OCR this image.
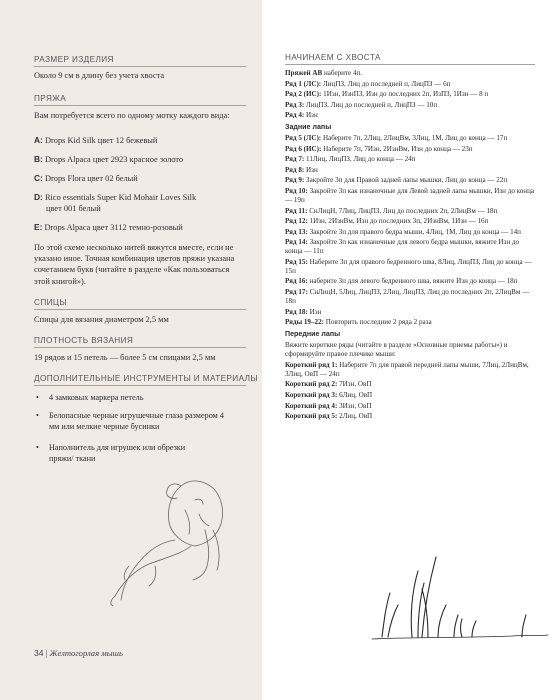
РАЗМЕР ИЗДЕЛИЯ
Около 9 см в длину без учета хвоста
ПРЯЖА
Вам потребуется всего по одному мотку каждого вида:
A: Drops Kid Silk цвет 12 бежевый
B: Drops Alpaca цвет 2923 красное золото
C: Drops Flora цвет 02 белый
D: Rico essentials Super Kid Mohair Loves Silk
цвет 001 белый
E: Drops Alpaca цвет 3112 темно-розовый
По этой схеме несколько нитей вяжутся вместе, если не указано иное. Точная комбинация цветов пряжи указана сочетанием букв (читайте в разделе «Как пользоваться этой книгой»).
СПИЦЫ
Спицы для вязания диаметром 2,5 мм
ПЛОТНОСТЬ ВЯЗАНИЯ
19 рядов и 15 петель — более 5 см спицами 2,5 мм
ДОПОЛНИТЕЛЬНЫЕ ИНСТРУМЕНТЫ И МАТЕРИАЛЫ
•	4 замковых маркера петель
•	Белопасные черные игрушечные глаза размером 4 мм или мелкие черные бусинки
•	Наполнитель для игрушек или обрезки пряжи/ ткани
НАЧИНАЕМ С ХВОСТА

Пряжей АВ наберите 4п.

Ряд 1 (ЛС): ЛицПЗ, Лиц до последней п, ЛицПЗ — 6п

Ряд 2 (ИС): 1Изн, ИзнПЗ, Изн до последних 2п, ИзПЗ, 1Изн — 8 п

Ряд 3: ЛицПЗ, Лиц до последней п, ЛицПЗ — 10п

Ряд 4: Изн

Задние лапы

Ряд 5 (ЛС): Наберите 7п, 2Лиц, 2ЛицВм, 3Лиц, 1М, Лиц до конца — 17п

Ряд 6 (ИС): Наберите 7п, 7Изн, 2ИзнВм, Изн до конца — 23п

Ряд 7: 11Лиц, ЛицПЗ, Лиц до конца — 24п

Ряд 8: Изн

Ряд 9: Закройте 3п для Правой задней лапы мышки, Лиц до конца — 22п

Ряд 10: Закройте 3п как изнаночные для Левой задней лапы мышки, Изн до конца — 19п

Ряд 11: СнЛицН, 7Лиц, ЛицПЗ, Лиц до последних 2п, 2ЛицВм — 18п

Ряд 12: 1Изн, 2ИзнВм, Изн до последних 3п, 2ИзнВм, 1Изн — 16п

Ряд 13: Закройте 3п для правого бедра мыши, 4Лиц, 1М, Лиц до конца — 14п

Ряд 14: Закройте 3п как изнаночные для левого бедра мышки, вяжите Изн до конца — 11п

Ряд 15: Наберите 3п для правого бедренного шва, 8Лиц, ЛицПЗ, Лиц до конца — 15п

Ряд 16: наберите 3п для левого бедренного шва, вяжите Изн до конца — 18п

Ряд 17: СнЛицН, 5Лиц, ЛицПЗ, 2Лиц, ЛицПЗ, Лиц до последних 2п, 2ЛицВм — 18п

Ряд 18: Изн

Ряды 19–22: Повторить последние 2 ряда 2 раза

Передние лапы

Вяжите короткие ряды (читайте в разделе «Основные приемы работы») и сформируйте правое плечико мыши:

Короткий ряд 1: Наберите 7п для правой передней лапы мыши, 7Лиц, 2ЛицВм, 3Лиц, ОвП — 24п

Короткий ряд 2: 7Изн, ОвП

Короткий ряд 3: 6Лиц, ОвП

Короткий ряд 4: 3Изн, ОвП

Короткий ряд 5: 2Лиц, ОвП

34 | Желтогорлая мышь
